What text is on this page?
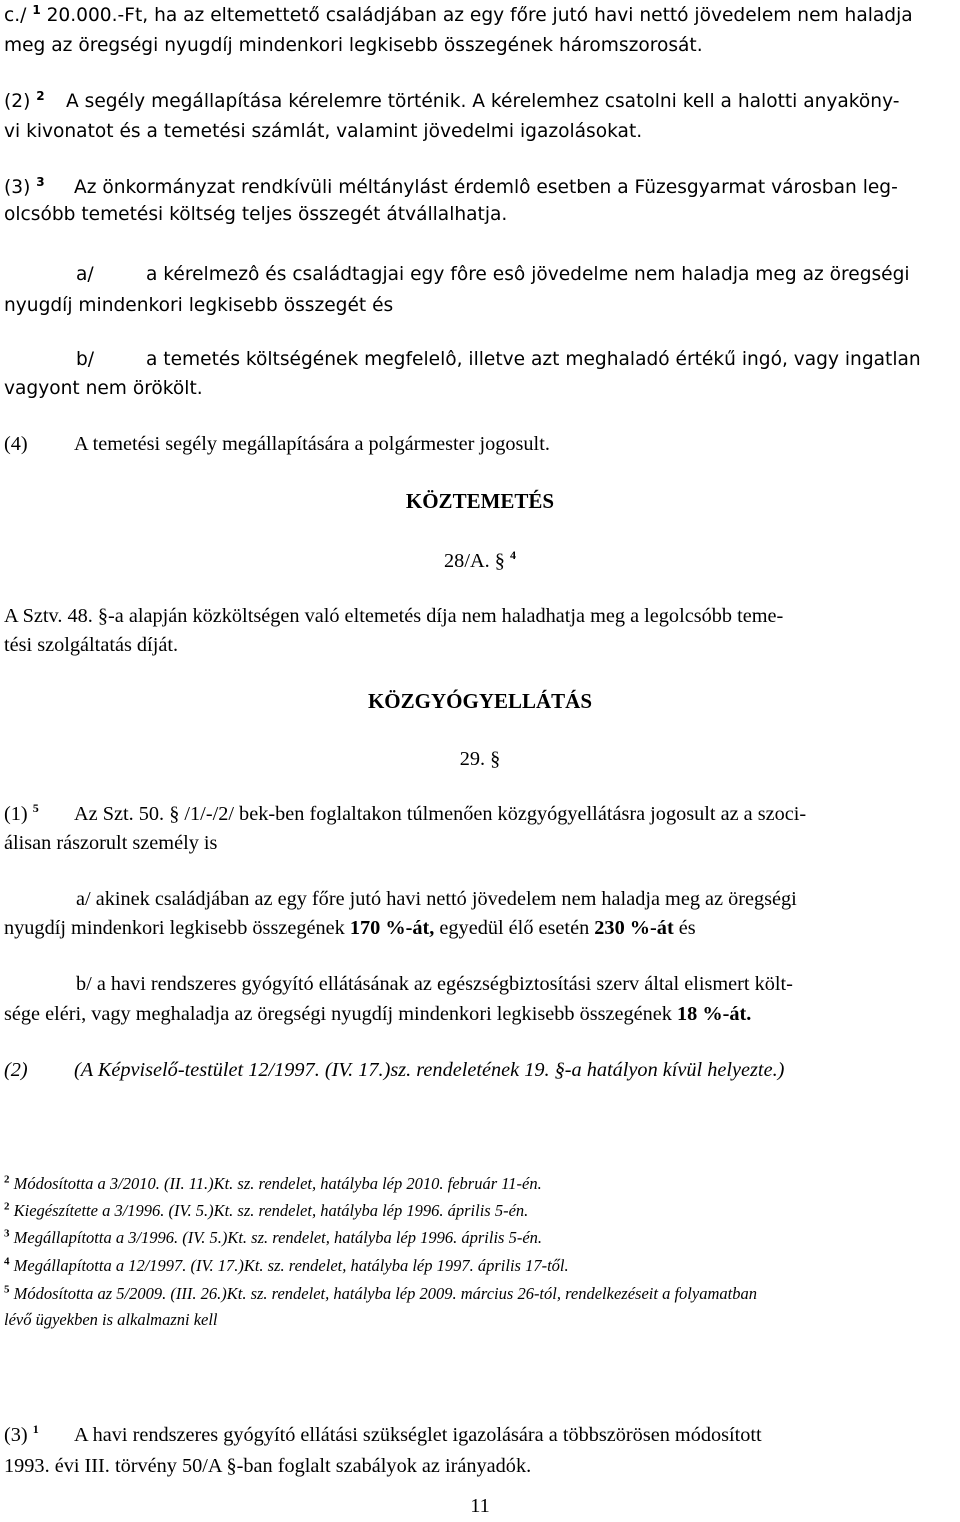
c./ $^1$ 20.000.-Ft, ha az eltemettető családjában az egy főre jutó havi nettó jövedelem nem haladja
meg az öregségi nyugdíj mindenkori legkisebb összegének háromszorosát.
(2) $^2$ A segély megállapítása kérelemre történik. A kérelemhez csatolni kell a halotti anyaköny-
vi kivonatot és a temetési számlát, valamint jövedelmi igazolásokat.
(3) $^3$ Az önkormányzat rendkívüli méltánylást érdemlô esetben a Füzesgyarmat városban leg-
olcsóbb temetési költség teljes összegét átvállalhatja.
a/	a kérelmezô és családtagjai egy fôre esô jövedelme nem haladja meg az öregségi
nyugdíj mindenkori legkisebb összegét és
b/	a temetés költségének megfelelô, illetve azt meghaladó értékű ingó, vagy ingatlan
vagyont nem örökölt.
(4) A temetési segély megállapítására a polgármester jogosult.
KÖZTEMETÉS
28/A. § $^4$
A Sztv. 48. §-a alapján közköltségen való eltemetés díja nem haladhatja meg a legolcsóbb teme-
tési szolgáltatás díját.
KÖZGYÓGYELLÁTÁS
29. §
(1) $^5$ Az Szt. 50. § /1/-/2/ bek-ben foglaltakon túlmenően közgyógyellátásra jogosult az a szoci-
álisan rászorult személy is
a/ akinek családjában az egy főre jutó havi nettó jövedelem nem haladja meg az öregségi
nyugdíj mindenkori legkisebb összegének 170 %-át, egyedül élő esetén 230 %-át és
b/ a havi rendszeres gyógyító ellátásának az egészségbiztosítási szerv által elismert költ-
sége eléri, vagy meghaladja az öregségi nyugdíj mindenkori legkisebb összegének 18 %-át.
(2) (A Képviselő-testület 12/1997. (IV. 17.)sz. rendeletének 19. §-a hatályon kívül helyezte.)
$^2$ Módosította a 3/2010. (II. 11.)Kt. sz. rendelet, hatályba lép 2010. február 11-én.
$^2$ Kiegészítette a 3/1996. (IV. 5.)Kt. sz. rendelet, hatályba lép 1996. április 5-én.
$^3$ Megállapította a 3/1996. (IV. 5.)Kt. sz. rendelet, hatályba lép 1996. április 5-én.
$^4$ Megállapította a 12/1997. (IV. 17.)Kt. sz. rendelet, hatályba lép 1997. április 17-től.
$^5$ Módosította az 5/2009. (III. 26.)Kt. sz. rendelet, hatályba lép 2009. március 26-tól, rendelkezéseit a folyamatban
lévő ügyekben is alkalmazni kell
(3) $^1$ A havi rendszeres gyógyító ellátási szükséglet igazolására a többszörösen módosított
1993. évi III. törvény 50/A §-ban foglalt szabályok az irányadók.
11
